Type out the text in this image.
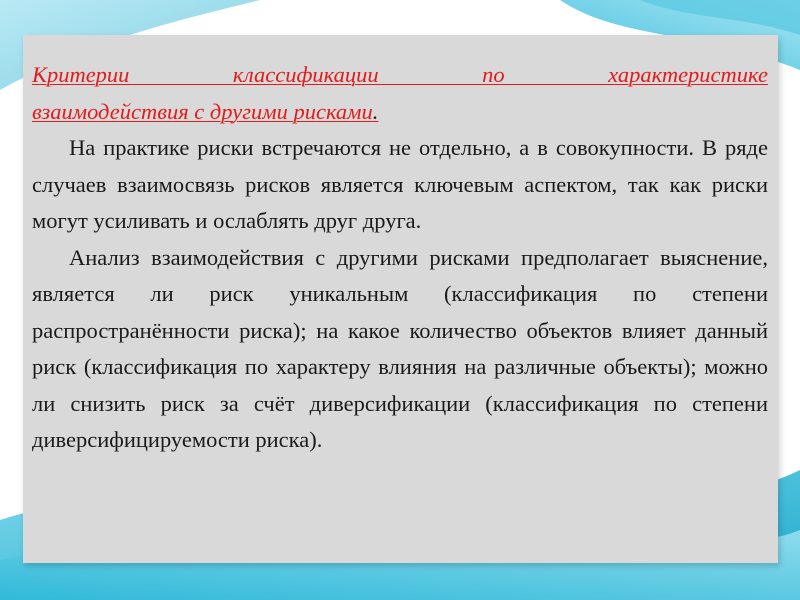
Критерии классификации по характеристике
взаимодействия с другими рисками.

На практике риски встречаются не отдельно, а в совокупности. В ряде случаев взаимосвязь рисков является ключевым аспектом, так как риски могут усиливать и ослаблять друг друга.

Анализ взаимодействия с другими рисками предполагает выяснение, является ли риск уникальным (классификация по степени распространённости риска); на какое количество объектов влияет данный риск (классификация по характеру влияния на различные объекты); можно ли снизить риск за счёт диверсификации (классификация по степени диверсифицируемости риска).
